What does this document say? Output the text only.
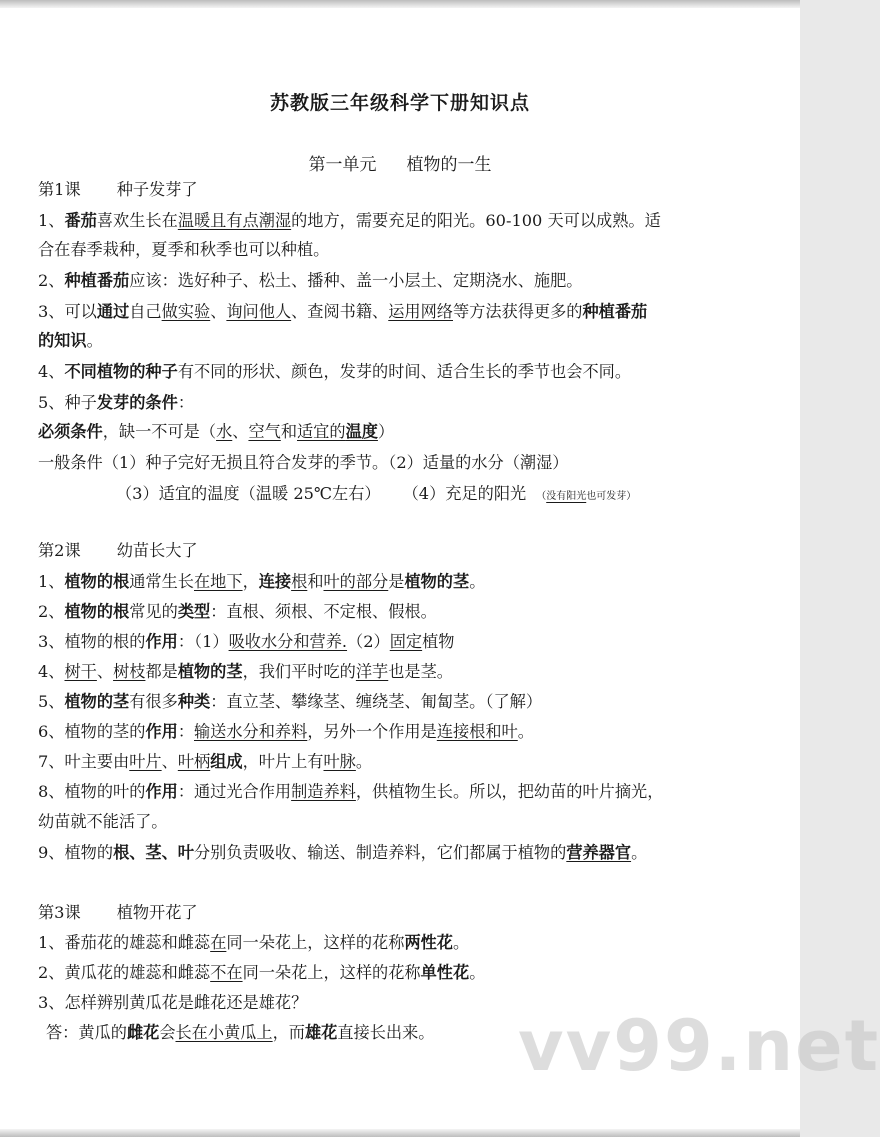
苏教版三年级科学下册知识点
第一单元 植物的一生
第1课 种子发芽了
1、番茄喜欢生长在温暖且有点潮湿的地方，需要充足的阳光。60-100 天可以成熟。适
合在春季栽种，夏季和秋季也可以种植。
2、种植番茄应该：选好种子、松土、播种、盖一小层土、定期浇水、施肥。
3、可以通过自己做实验、询问他人、查阅书籍、运用网络等方法获得更多的种植番茄
的知识。
4、不同植物的种子有不同的形状、颜色，发芽的时间、适合生长的季节也会不同。
5、种子发芽的条件：
必须条件，缺一不可是（水、空气和适宜的温度）
一般条件（1）种子完好无损且符合发芽的季节。（2）适量的水分（潮湿）
（3）适宜的温度（温暖 25℃左右） （4）充足的阳光 （没有阳光也可发芽）
第2课 幼苗长大了
1、植物的根通常生长在地下，连接根和叶的部分是植物的茎。
2、植物的根常见的类型：直根、须根、不定根、假根。
3、植物的根的作用：（1）吸收水分和营养.（2）固定植物
4、树干、树枝都是植物的茎，我们平时吃的洋芋也是茎。
5、植物的茎有很多种类：直立茎、攀缘茎、缠绕茎、匍匐茎。（了解）
6、植物的茎的作用：输送水分和养料，另外一个作用是连接根和叶。
7、叶主要由叶片、叶柄组成，叶片上有叶脉。
8、植物的叶的作用：通过光合作用制造养料，供植物生长。所以，把幼苗的叶片摘光，
幼苗就不能活了。
9、植物的根、茎、叶分别负责吸收、输送、制造养料，它们都属于植物的营养器官。
第3课 植物开花了
1、番茄花的雄蕊和雌蕊在同一朵花上，这样的花称两性花。
2、黄瓜花的雄蕊和雌蕊不在同一朵花上，这样的花称单性花。
3、怎样辨别黄瓜花是雌花还是雄花？
答：黄瓜的雌花会长在小黄瓜上，而雄花直接长出来。 vv99.net
